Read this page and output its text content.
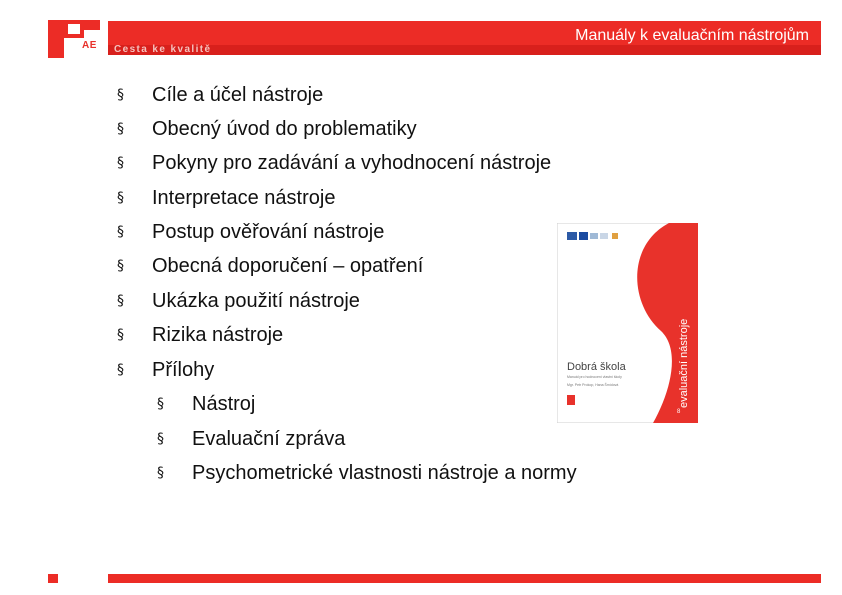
AE
Manuály k evaluačním nástrojům
Cesta ke kvalitě
§ Cíle a účel nástroje
§ Obecný úvod do problematiky
§ Pokyny pro zadávání a vyhodnocení nástroje
§ Interpretace nástroje
§ Postup ověřování nástroje
§ Obecná doporučení – opatření
§ Ukázka použití nástroje
§ Rizika nástroje
§ Přílohy
§ Nástroj
§ Evaluační zpráva
§ Psychometrické vlastnosti nástroje a normy
evaluační nástroje
Dobrá škola
Manuál pro hodnocení vlastní školy
Mgr. Petr Prokop, Hana Šmídová
8
